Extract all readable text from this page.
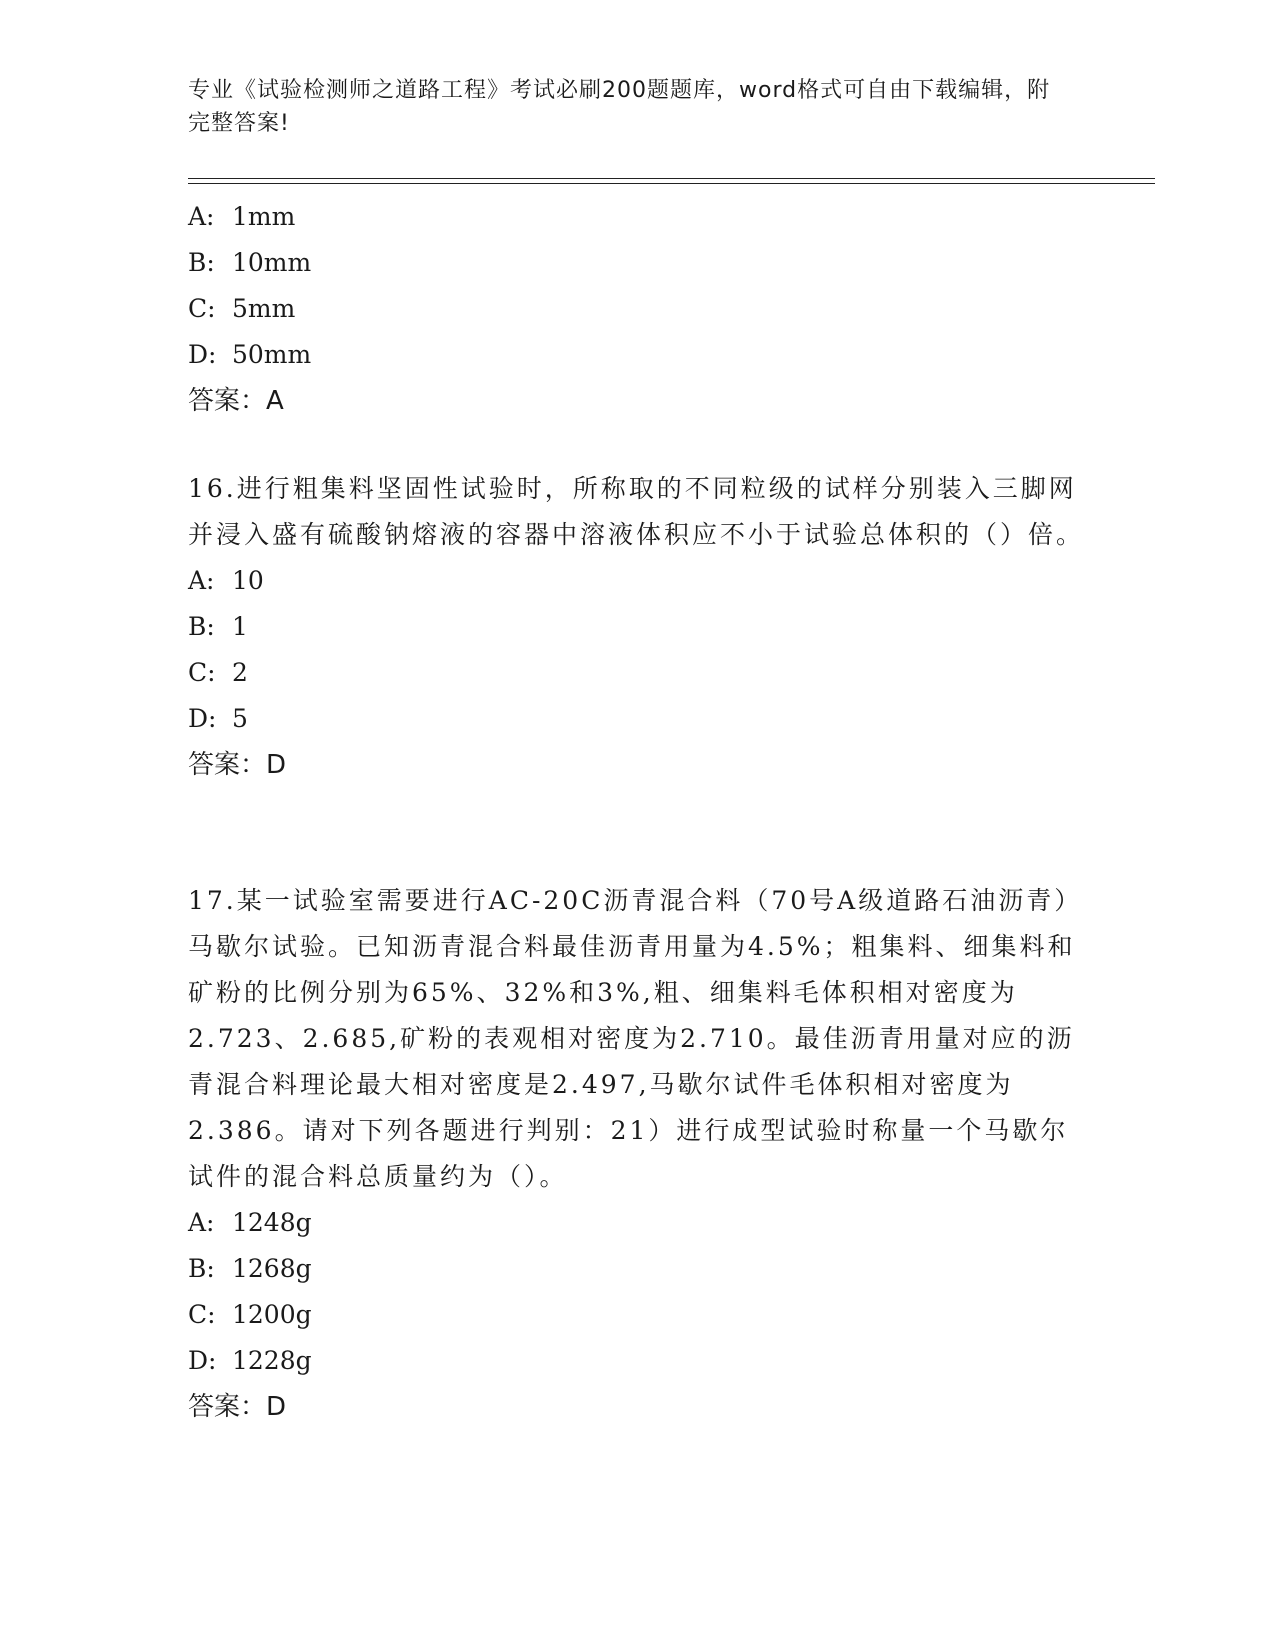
专业《试验检测师之道路工程》考试必刷200题题库，word格式可自由下载编辑，附完整答案!
A: 1mm
B: 10mm
C: 5mm
D: 50mm
答案：A

16.进行粗集料坚固性试验时，所称取的不同粒级的试样分别装入三脚网并浸入盛有硫酸钠熔液的容器中溶液体积应不小于试验总体积的（）倍。

A: 10
B: 1
C: 2
D: 5
答案：D

17.某一试验室需要进行AC-20C沥青混合料（70号A级道路石油沥青）马歇尔试验。已知沥青混合料最佳沥青用量为4.5%；粗集料、细集料和矿粉的比例分别为65%、32%和3%,粗、细集料毛体积相对密度为2.723、2.685,矿粉的表观相对密度为2.710。最佳沥青用量对应的沥青混合料理论最大相对密度是2.497,马歇尔试件毛体积相对密度为2.386。请对下列各题进行判别：21）进行成型试验时称量一个马歇尔试件的混合料总质量约为（）。

A: 1248g
B: 1268g
C: 1200g
D: 1228g
答案：D
